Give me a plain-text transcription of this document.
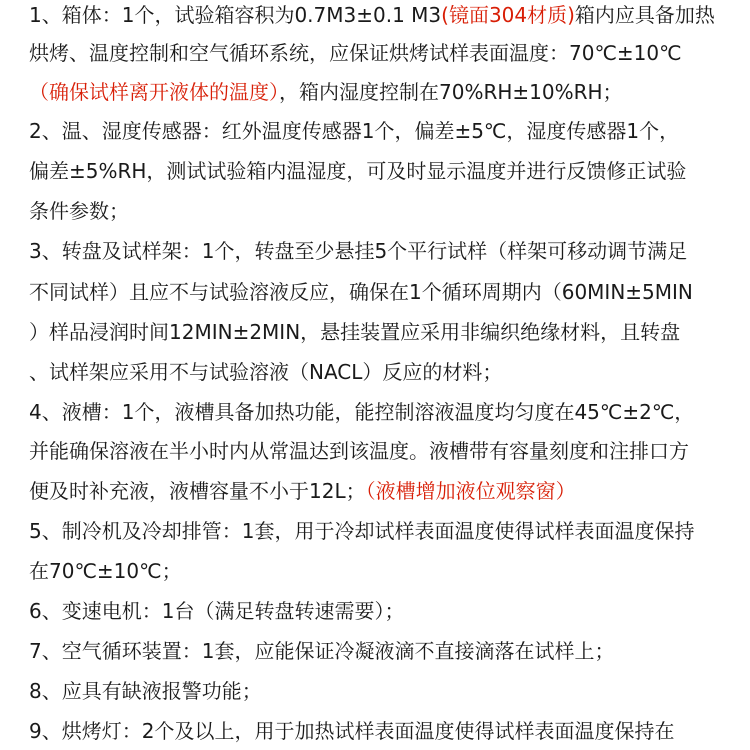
1、箱体：1个，试验箱容积为0.7M3±0.1 M3(镜面304材质)箱内应具备加热
烘烤、温度控制和空气循环系统，应保证烘烤试样表面温度：70℃±10℃
（确保试样离开液体的温度），箱内湿度控制在70%RH±10%RH；
2、温、湿度传感器：红外温度传感器1个，偏差±5℃，湿度传感器1个，
偏差±5%RH，测试试验箱内温湿度，可及时显示温度并进行反馈修正试验
条件参数；
3、转盘及试样架：1个，转盘至少悬挂5个平行试样（样架可移动调节满足
不同试样）且应不与试验溶液反应，确保在1个循环周期内（60MIN±5MIN
）样品浸润时间12MIN±2MIN，悬挂装置应采用非编织绝缘材料，且转盘
、试样架应采用不与试验溶液（NACL）反应的材料；
4、液槽：1个，液槽具备加热功能，能控制溶液温度均匀度在45℃±2℃，
并能确保溶液在半小时内从常温达到该温度。液槽带有容量刻度和注排口方
便及时补充液，液槽容量不小于12L；（液槽增加液位观察窗）
5、制冷机及冷却排管：1套，用于冷却试样表面温度使得试样表面温度保持
在70℃±10℃；
6、变速电机：1台（满足转盘转速需要）；
7、空气循环装置：1套，应能保证冷凝液滴不直接滴落在试样上；
8、应具有缺液报警功能；
9、烘烤灯：2个及以上，用于加热试样表面温度使得试样表面温度保持在
